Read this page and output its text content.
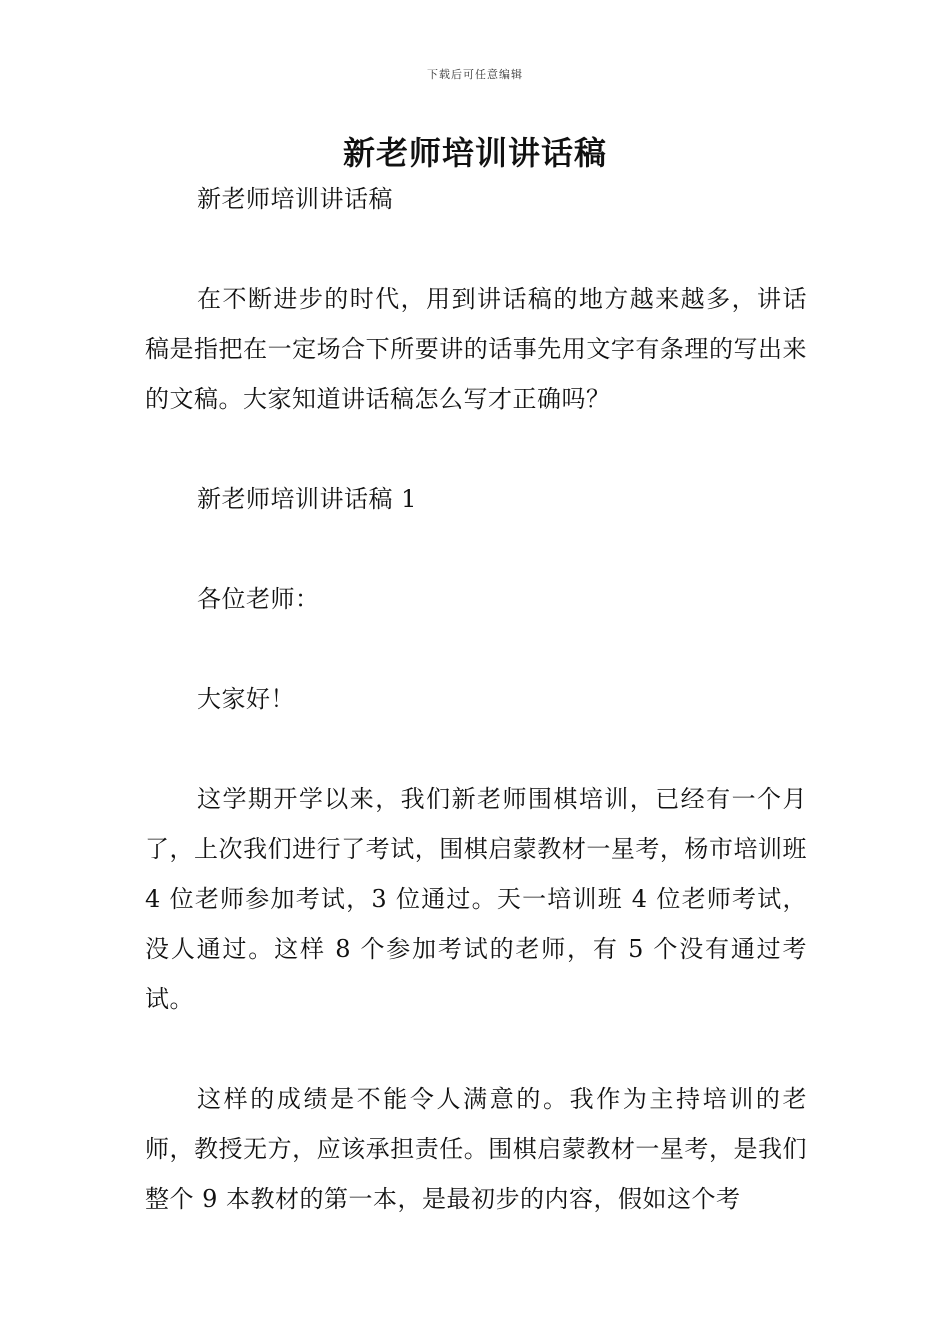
下载后可任意编辑
新老师培训讲话稿

新老师培训讲话稿

在不断进步的时代，用到讲话稿的地方越来越多，讲话稿是指把在一定场合下所要讲的话事先用文字有条理的写出来的文稿。大家知道讲话稿怎么写才正确吗？

新老师培训讲话稿 1

各位老师：

大家好！

这学期开学以来，我们新老师围棋培训，已经有一个月了，上次我们进行了考试，围棋启蒙教材一星考，杨市培训班 4 位老师参加考试，3 位通过。天一培训班 4 位老师考试，没人通过。这样 8 个参加考试的老师，有 5 个没有通过考试。

这样的成绩是不能令人满意的。我作为主持培训的老师，教授无方，应该承担责任。围棋启蒙教材一星考，是我们整个 9 本教材的第一本，是最初步的内容，假如这个考
